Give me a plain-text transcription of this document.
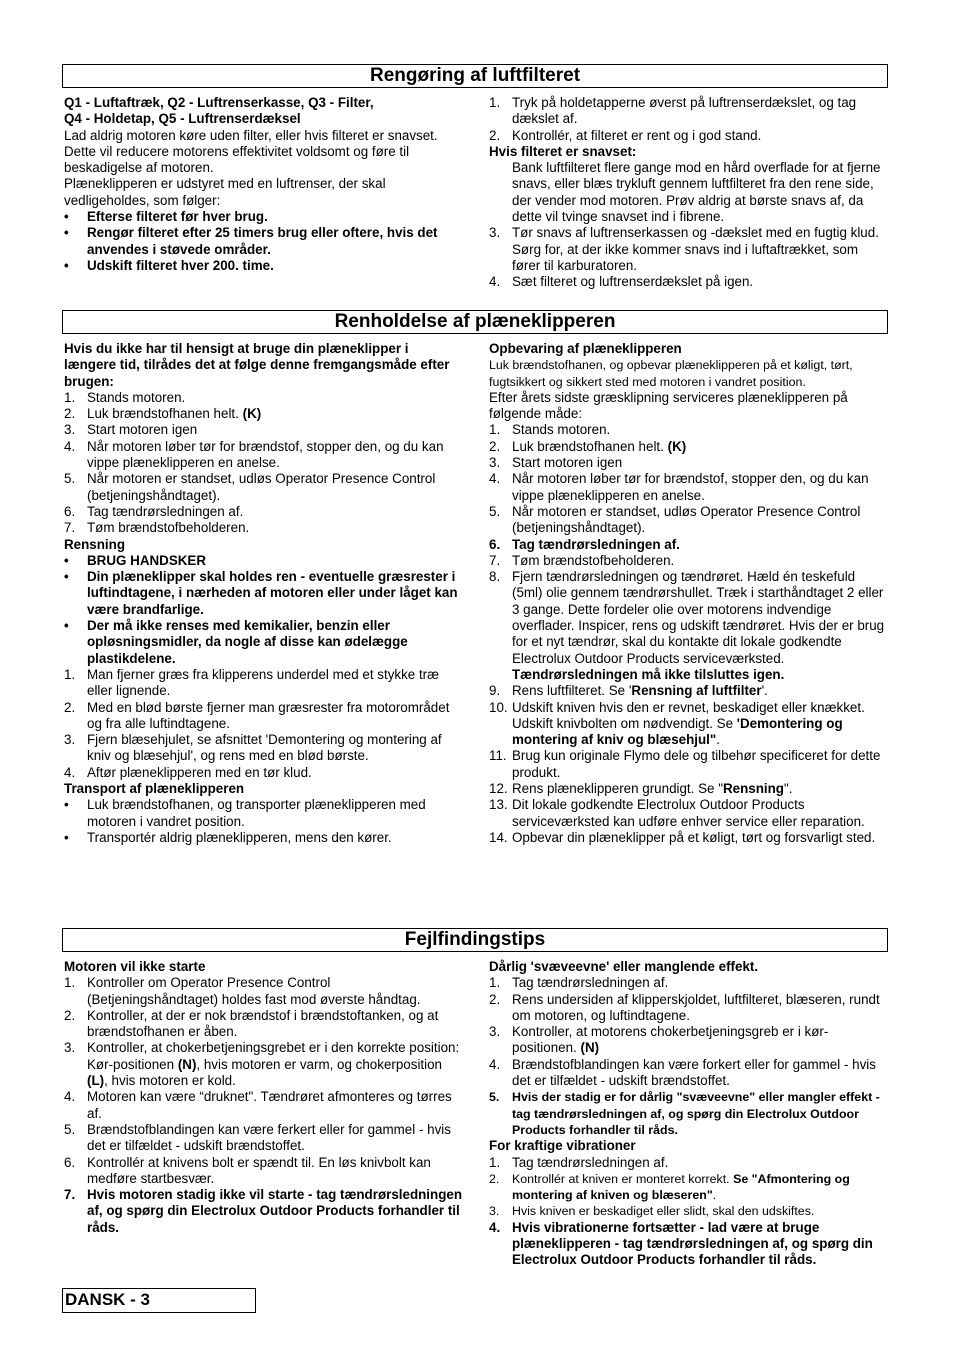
Rengøring af luftfilteret

Q1 - Luftaftræk, Q2 - Luftrenserkasse, Q3 - Filter,

Q4 - Holdetap, Q5 - Luftrenserdæksel

Lad aldrig motoren køre uden filter, eller hvis filteret er snavset. Dette vil reducere motorens effektivitet voldsomt og føre til beskadigelse af motoren.

Plæneklipperen er udstyret med en luftrenser, der skal vedligeholdes, som følger:

• Efterse filteret før hver brug.

• Rengør filteret efter 25 timers brug eller oftere, hvis det anvendes i støvede områder.

• Udskift filteret hver 200. time.

1. Tryk på holdetapperne øverst på luftrenserdækslet, og tag dækslet af.

2. Kontrollér, at filteret er rent og i god stand.

Hvis filteret er snavset:

Bank luftfilteret flere gange mod en hård overflade for at fjerne snavs, eller blæs trykluft gennem luftfilteret fra den rene side, der vender mod motoren. Prøv aldrig at børste snavs af, da dette vil tvinge snavset ind i fibrene.

3. Tør snavs af luftrenserkassen og -dækslet med en fugtig klud. Sørg for, at der ikke kommer snavs ind i luftaftrækket, som fører til karburatoren.

4. Sæt filteret og luftrenserdækslet på igen.

Renholdelse af plæneklipperen

Hvis du ikke har til hensigt at bruge din plæneklipper i længere tid, tilrådes det at følge denne fremgangsmåde efter brugen:

1. Stands motoren.

2. Luk brændstofhanen helt. (K)

3. Start motoren igen

4. Når motoren løber tør for brændstof, stopper den, og du kan vippe plæneklipperen en anelse.

5. Når motoren er standset, udløs Operator Presence Control (betjeningshåndtaget).

6. Tag tændrørsledningen af.

7. Tøm brændstofbeholderen.

Rensning

• BRUG HANDSKER

• Din plæneklipper skal holdes ren - eventuelle græsrester i luftindtagene, i nærheden af motoren eller under låget kan være brandfarlige.

• Der må ikke renses med kemikalier, benzin eller opløsningsmidler, da nogle af disse kan ødelægge plastikdelene.

1. Man fjerner græs fra klipperens underdel med et stykke træ eller lignende.

2. Med en blød børste fjerner man græsrester fra motorområdet og fra alle luftindtagene.

3. Fjern blæsehjulet, se afsnittet 'Demontering og montering af kniv og blæsehjul', og rens med en blød børste.

4. Aftør plæneklipperen med en tør klud.

Transport af plæneklipperen

• Luk brændstofhanen, og transporter plæneklipperen med motoren i vandret position.

• Transportér aldrig plæneklipperen, mens den kører.

Opbevaring af plæneklipperen

Luk brændstofhanen, og opbevar plæneklipperen på et køligt, tørt, fugtsikkert og sikkert sted med motoren i vandret position.

Efter årets sidste græsklipning serviceres plæneklipperen på følgende måde:

1. Stands motoren.

2. Luk brændstofhanen helt. (K)

3. Start motoren igen

4. Når motoren løber tør for brændstof, stopper den, og du kan vippe plæneklipperen en anelse.

5. Når motoren er standset, udløs Operator Presence Control (betjeningshåndtaget).

6. Tag tændrørsledningen af.

7. Tøm brændstofbeholderen.

8. Fjern tændrørsledningen og tændrøret. Hæld én teskefuld (5ml) olie gennem tændrørshullet. Træk i starthåndtaget 2 eller 3 gange. Dette fordeler olie over motorens indvendige overflader. Inspicer, rens og udskift tændrøret. Hvis der er brug for et nyt tændrør, skal du kontakte dit lokale godkendte Electrolux Outdoor Products serviceværksted. Tændrørsledningen må ikke tilsluttes igen.

9. Rens luftfilteret. Se 'Rensning af luftfilter'.

10. Udskift kniven hvis den er revnet, beskadiget eller knækket. Udskift knivbolten om nødvendigt. Se 'Demontering og montering af kniv og blæsehjul".

11. Brug kun originale Flymo dele og tilbehør specificeret for dette produkt.

12. Rens plæneklipperen grundigt. Se "Rensning".

13. Dit lokale godkendte Electrolux Outdoor Products serviceværksted kan udføre enhver service eller reparation.

14. Opbevar din plæneklipper på et køligt, tørt og forsvarligt sted.

Fejlfindingstips

Motoren vil ikke starte

1. Kontroller om Operator Presence Control (Betjeningshåndtaget) holdes fast mod øverste håndtag.

2. Kontroller, at der er nok brændstof i brændstoftanken, og at brændstofhanen er åben.

3. Kontroller, at chokerbetjeningsgrebet er i den korrekte position: Kør-positionen (N), hvis motoren er varm, og chokerposition (L), hvis motoren er kold.

4. Motoren kan være “druknet". Tændrøret afmonteres og tørres af.

5. Brændstofblandingen kan være ferkert eller for gammel - hvis det er tilfældet - udskift brændstoffet.

6. Kontrollér at knivens bolt er spændt til. En løs knivbolt kan medføre startbesvær.

7. Hvis motoren stadig ikke vil starte - tag tændrørsledningen af, og spørg din Electrolux Outdoor Products forhandler til råds.

Dårlig 'svæveevne' eller manglende effekt.

1. Tag tændrørsledningen af.

2. Rens undersiden af klipperskjoldet, luftfilteret, blæseren, rundt om motoren, og luftindtagene.

3. Kontroller, at motorens chokerbetjeningsgreb er i kør-positionen. (N)

4. Brændstofblandingen kan være forkert eller for gammel - hvis det er tilfældet - udskift brændstoffet.

5. Hvis der stadig er for dårlig "svæveevne" eller mangler effekt - tag tændrørsledningen af, og spørg din Electrolux Outdoor Products forhandler til råds.

For kraftige vibrationer

1. Tag tændrørsledningen af.

2. Kontrollér at kniven er monteret korrekt. Se "Afmontering og montering af kniven og blæseren".

3. Hvis kniven er beskadiget eller slidt, skal den udskiftes.

4. Hvis vibrationerne fortsætter - lad være at bruge plæneklipperen - tag tændrørsledningen af, og spørg din Electrolux Outdoor Products forhandler til råds.

DANSK - 3
